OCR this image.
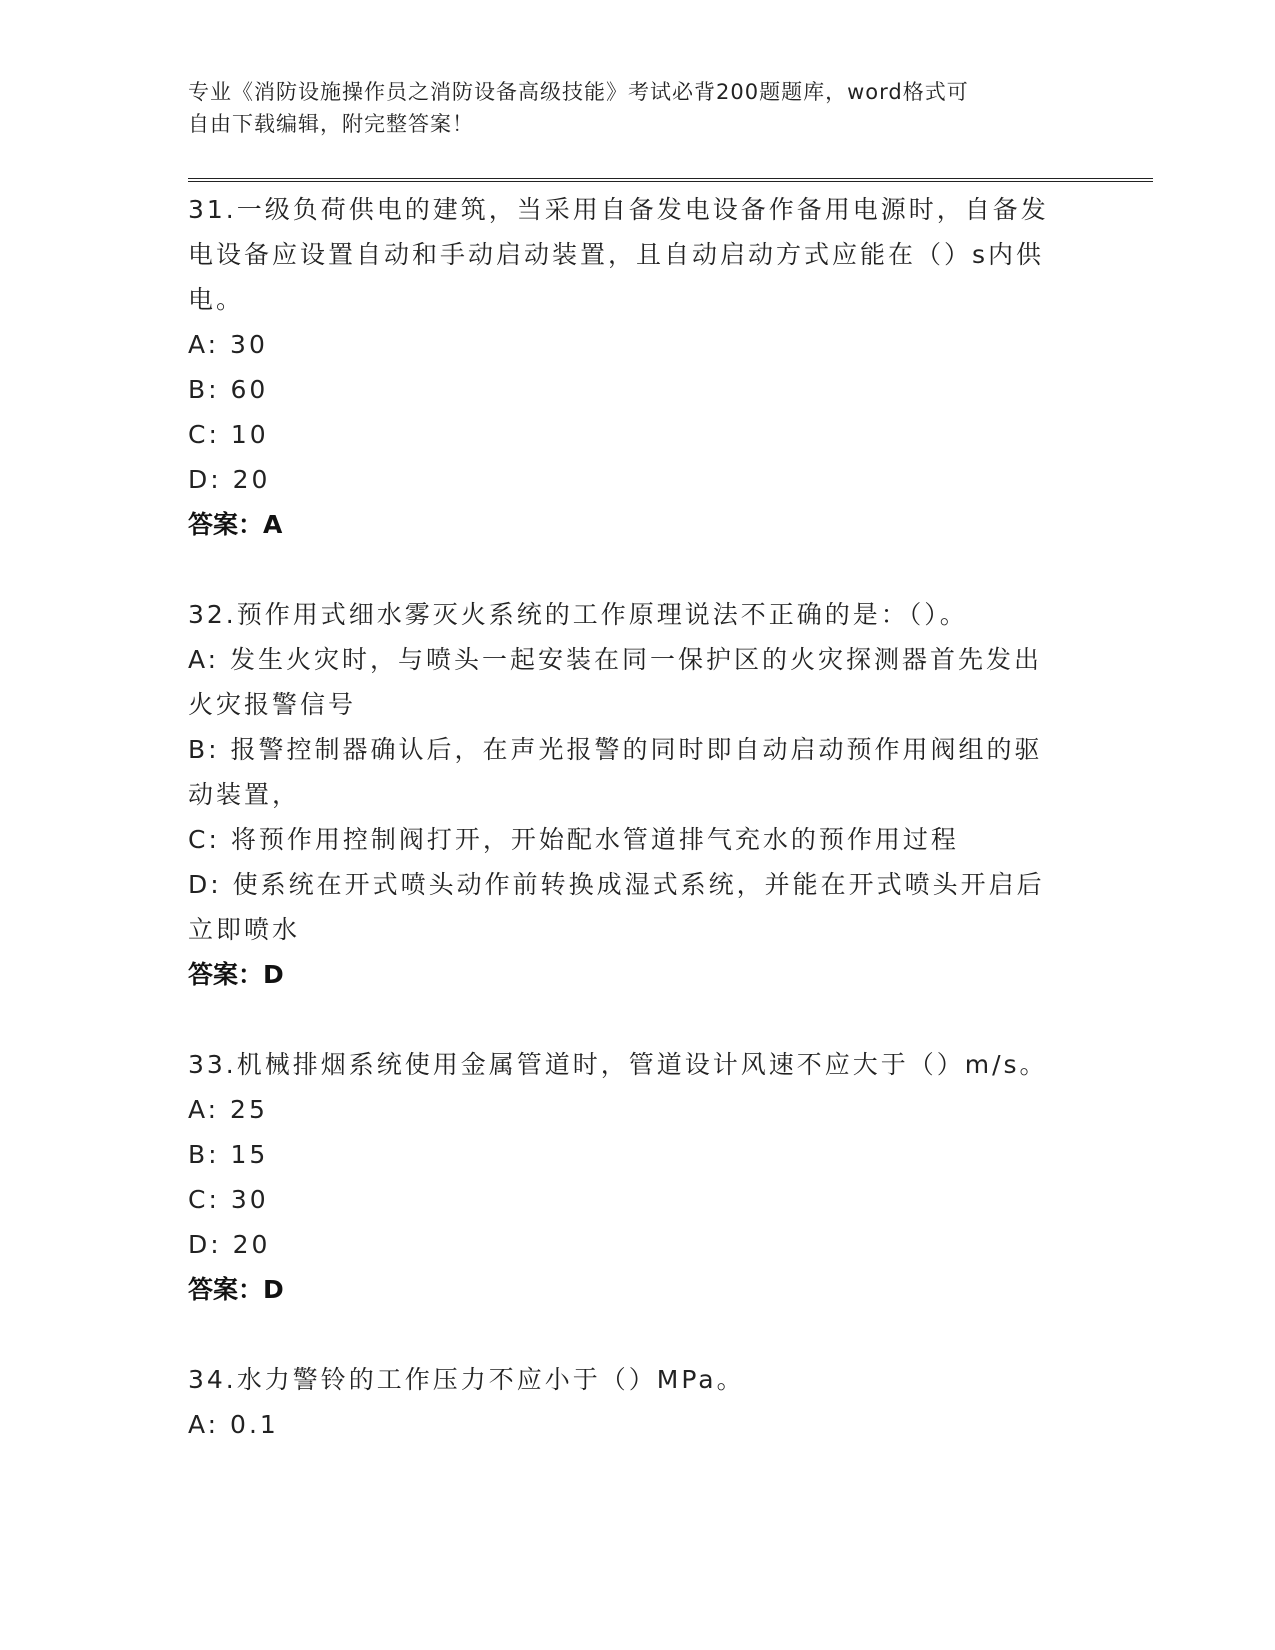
专业《消防设施操作员之消防设备高级技能》考试必背200题题库，word格式可
自由下载编辑，附完整答案！
31.一级负荷供电的建筑，当采用自备发电设备作备用电源时，自备发
电设备应设置自动和手动启动装置，且自动启动方式应能在（）s内供
电。
A: 30
B: 60
C: 10
D: 20
答案：A
32.预作用式细水雾灭火系统的工作原理说法不正确的是：（）。
A: 发生火灾时，与喷头一起安装在同一保护区的火灾探测器首先发出
火灾报警信号
B: 报警控制器确认后，在声光报警的同时即自动启动预作用阀组的驱
动装置，
C: 将预作用控制阀打开，开始配水管道排气充水的预作用过程
D: 使系统在开式喷头动作前转换成湿式系统，并能在开式喷头开启后
立即喷水
答案：D
33.机械排烟系统使用金属管道时，管道设计风速不应大于（）m/s。
A: 25
B: 15
C: 30
D: 20
答案：D
34.水力警铃的工作压力不应小于（）MPa。
A: 0.1
